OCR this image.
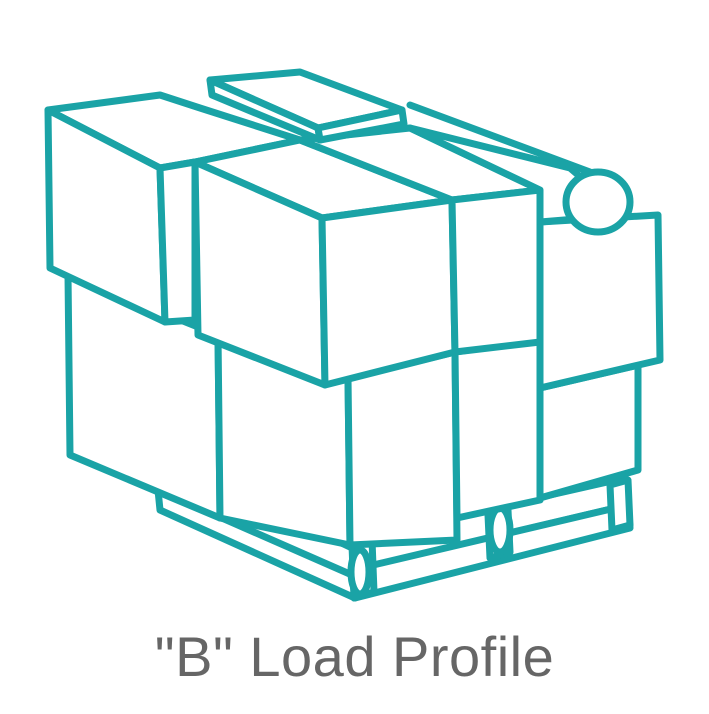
"B" Load Profile
